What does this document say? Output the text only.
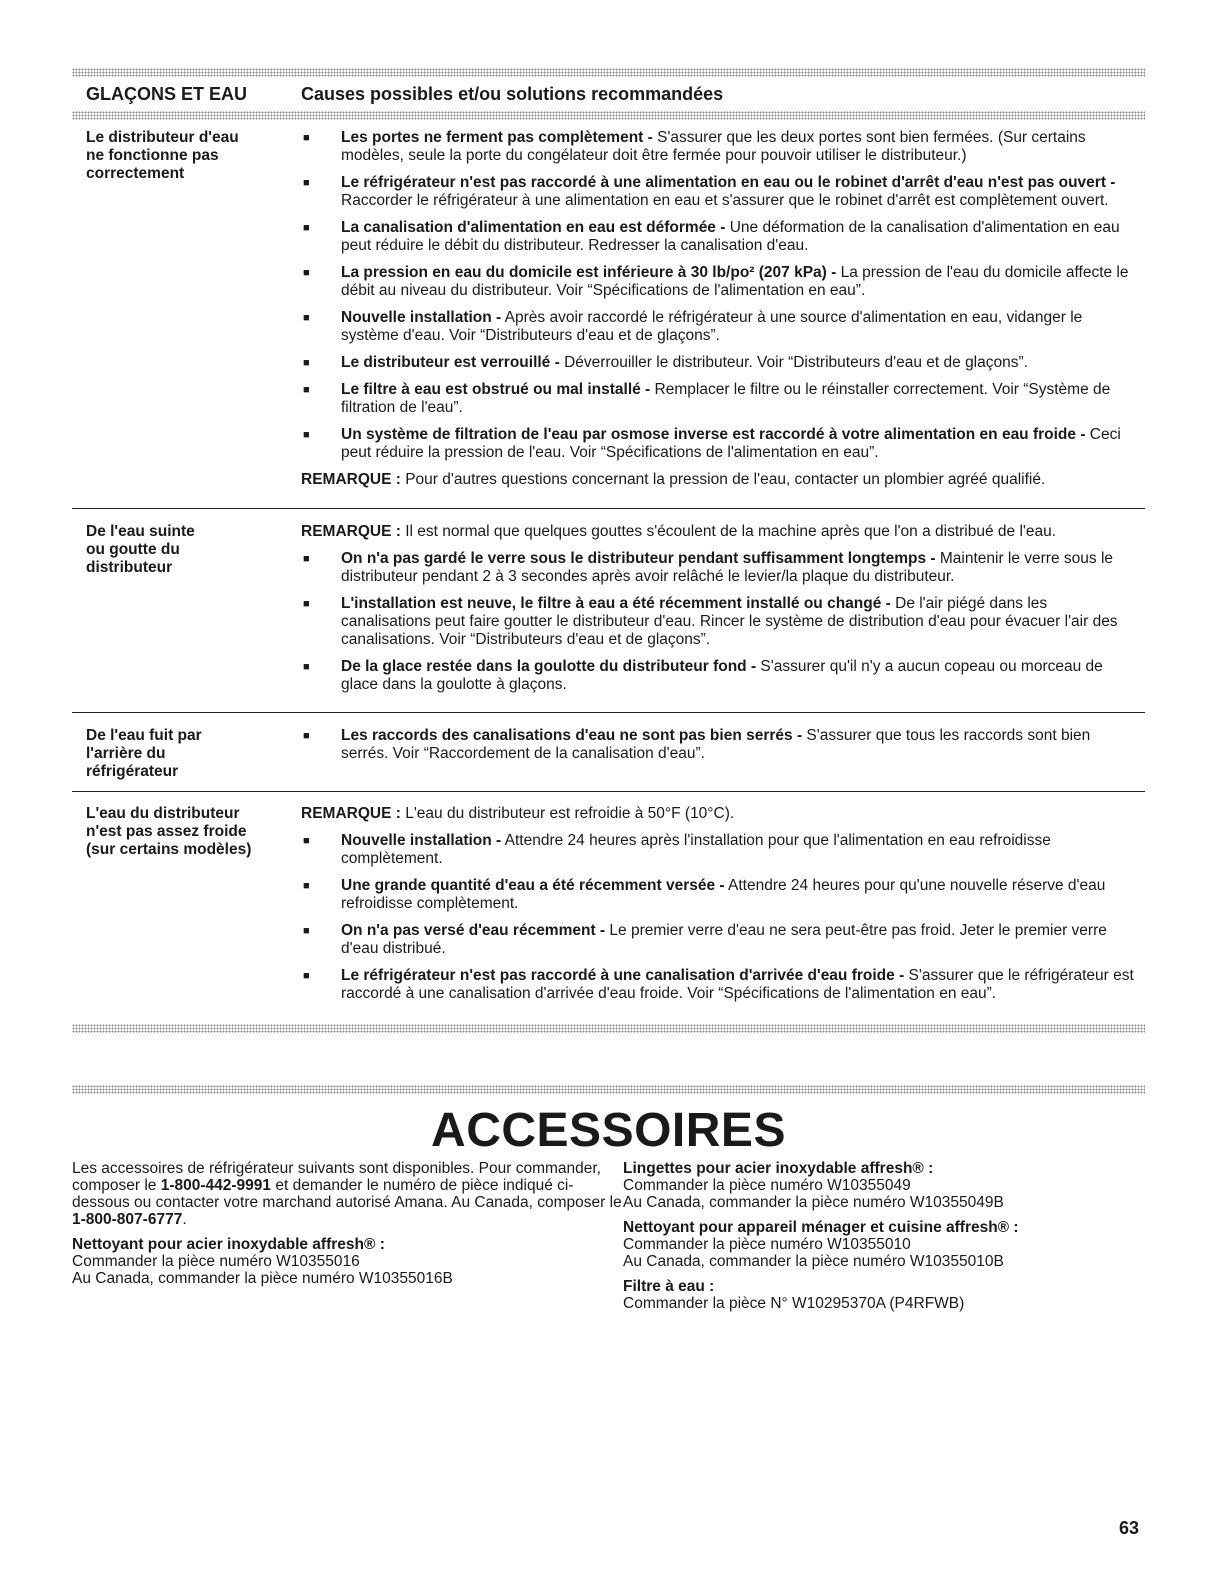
GLAÇONS ET EAU	Causes possibles et/ou solutions recommandées
Le distributeur d'eau
ne fonctionne pas
correctement
■	Les portes ne ferment pas complètement - S'assurer que les deux portes sont bien fermées. (Sur certains modèles, seule la porte du congélateur doit être fermée pour pouvoir utiliser le distributeur.)
■	Le réfrigérateur n'est pas raccordé à une alimentation en eau ou le robinet d'arrêt d'eau n'est pas ouvert - Raccorder le réfrigérateur à une alimentation en eau et s'assurer que le robinet d'arrêt est complètement ouvert.
■	La canalisation d'alimentation en eau est déformée - Une déformation de la canalisation d'alimentation en eau peut réduire le débit du distributeur. Redresser la canalisation d'eau.
■	La pression en eau du domicile est inférieure à 30 lb/po² (207 kPa) - La pression de l'eau du domicile affecte le débit au niveau du distributeur. Voir “Spécifications de l'alimentation en eau”.
■	Nouvelle installation - Après avoir raccordé le réfrigérateur à une source d'alimentation en eau, vidanger le système d'eau. Voir “Distributeurs d'eau et de glaçons”.
■	Le distributeur est verrouillé - Déverrouiller le distributeur. Voir “Distributeurs d'eau et de glaçons”.
■	Le filtre à eau est obstrué ou mal installé - Remplacer le filtre ou le réinstaller correctement. Voir “Système de filtration de l'eau”.
■	Un système de filtration de l'eau par osmose inverse est raccordé à votre alimentation en eau froide - Ceci peut réduire la pression de l'eau. Voir “Spécifications de l'alimentation en eau”.
REMARQUE : Pour d'autres questions concernant la pression de l'eau, contacter un plombier agréé qualifié.
De l'eau suinte
ou goutte du
distributeur
REMARQUE : Il est normal que quelques gouttes s'écoulent de la machine après que l'on a distribué de l'eau.
■	On n'a pas gardé le verre sous le distributeur pendant suffisamment longtemps - Maintenir le verre sous le distributeur pendant 2 à 3 secondes après avoir relâché le levier/la plaque du distributeur.
■	L'installation est neuve, le filtre à eau a été récemment installé ou changé - De l'air piégé dans les canalisations peut faire goutter le distributeur d'eau. Rincer le système de distribution d'eau pour évacuer l'air des canalisations. Voir “Distributeurs d'eau et de glaçons”.
■	De la glace restée dans la goulotte du distributeur fond - S'assurer qu'il n'y a aucun copeau ou morceau de glace dans la goulotte à glaçons.
De l'eau fuit par
l'arrière du
réfrigérateur
■	Les raccords des canalisations d'eau ne sont pas bien serrés - S'assurer que tous les raccords sont bien serrés. Voir “Raccordement de la canalisation d'eau”.
L'eau du distributeur
n'est pas assez froide
(sur certains modèles)
REMARQUE : L'eau du distributeur est refroidie à 50°F (10°C).
■	Nouvelle installation - Attendre 24 heures après l'installation pour que l'alimentation en eau refroidisse complètement.
■	Une grande quantité d'eau a été récemment versée - Attendre 24 heures pour qu'une nouvelle réserve d'eau refroidisse complètement.
■	On n'a pas versé d'eau récemment - Le premier verre d'eau ne sera peut-être pas froid. Jeter le premier verre d'eau distribué.
■	Le réfrigérateur n'est pas raccordé à une canalisation d'arrivée d'eau froide - S'assurer que le réfrigérateur est raccordé à une canalisation d'arrivée d'eau froide. Voir “Spécifications de l'alimentation en eau”.
ACCESSOIRES
Les accessoires de réfrigérateur suivants sont disponibles. Pour commander, composer le 1-800-442-9991 et demander le numéro de pièce indiqué ci-dessous ou contacter votre marchand autorisé Amana. Au Canada, composer le 1-800-807-6777.
Nettoyant pour acier inoxydable affresh® :
Commander la pièce numéro W10355016
Au Canada, commander la pièce numéro W10355016B
Lingettes pour acier inoxydable affresh® :
Commander la pièce numéro W10355049
Au Canada, commander la pièce numéro W10355049B
Nettoyant pour appareil ménager et cuisine affresh® :
Commander la pièce numéro W10355010
Au Canada, commander la pièce numéro W10355010B
Filtre à eau :
Commander la pièce N° W10295370A (P4RFWB)
63
